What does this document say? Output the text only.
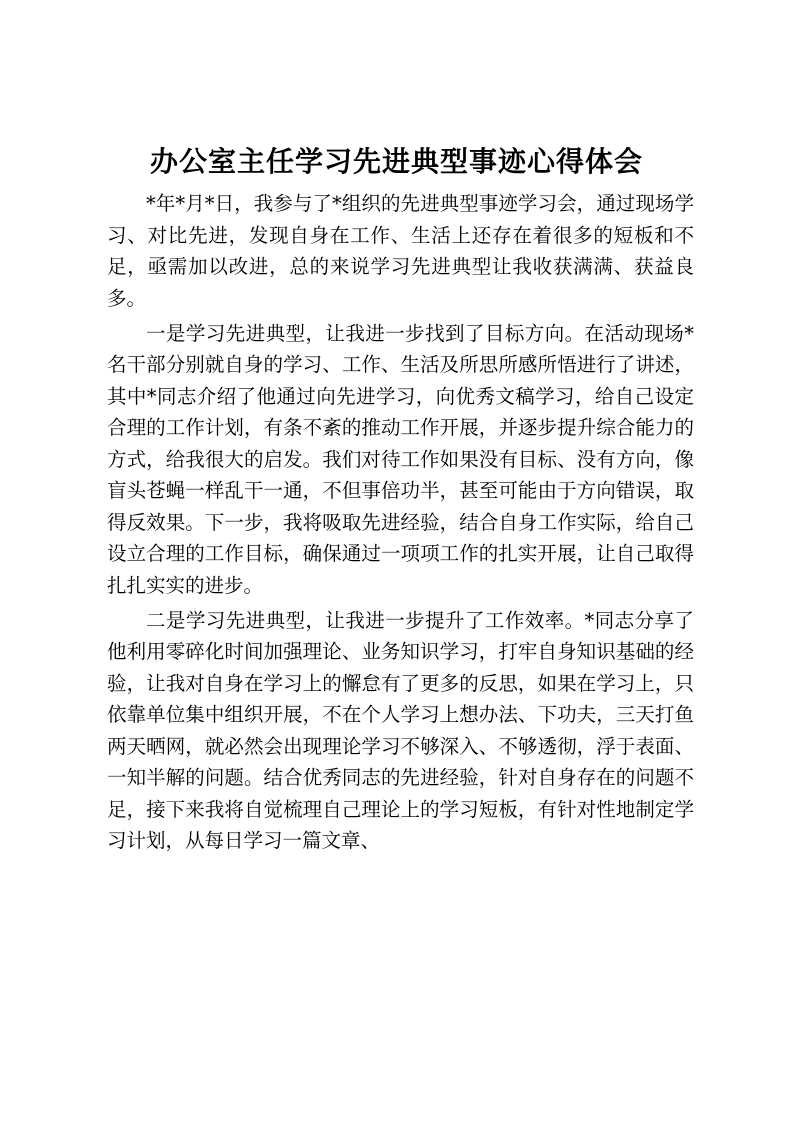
办公室主任学习先进典型事迹心得体会

*年*月*日，我参与了*组织的先进典型事迹学习会，通过现场学习、对比先进，发现自身在工作、生活上还存在着很多的短板和不足，亟需加以改进，总的来说学习先进典型让我收获满满、获益良多。

一是学习先进典型，让我进一步找到了目标方向。在活动现场*名干部分别就自身的学习、工作、生活及所思所感所悟进行了讲述，其中*同志介绍了他通过向先进学习，向优秀文稿学习，给自己设定合理的工作计划，有条不紊的推动工作开展，并逐步提升综合能力的方式，给我很大的启发。我们对待工作如果没有目标、没有方向，像盲头苍蝇一样乱干一通，不但事倍功半，甚至可能由于方向错误，取得反效果。下一步，我将吸取先进经验，结合自身工作实际，给自己设立合理的工作目标，确保通过一项项工作的扎实开展，让自己取得扎扎实实的进步。

二是学习先进典型，让我进一步提升了工作效率。*同志分享了他利用零碎化时间加强理论、业务知识学习，打牢自身知识基础的经验，让我对自身在学习上的懈怠有了更多的反思，如果在学习上，只依靠单位集中组织开展，不在个人学习上想办法、下功夫，三天打鱼两天晒网，就必然会出现理论学习不够深入、不够透彻，浮于表面、一知半解的问题。结合优秀同志的先进经验，针对自身存在的问题不足，接下来我将自觉梳理自己理论上的学习短板，有针对性地制定学习计划，从每日学习一篇文章、
